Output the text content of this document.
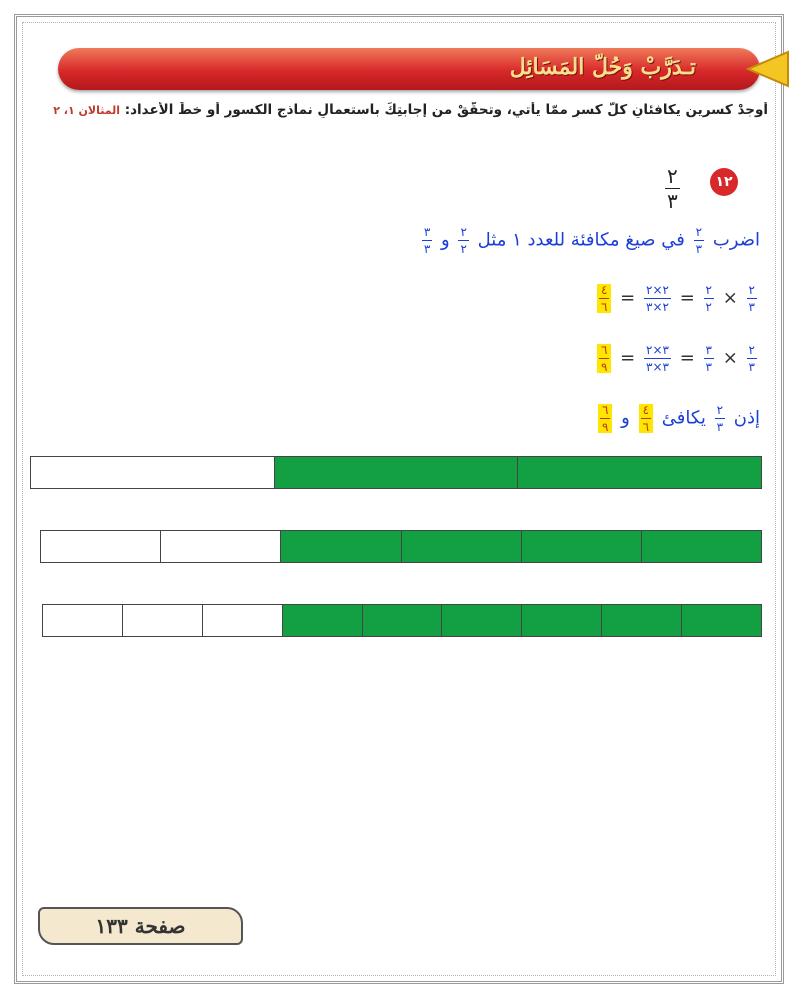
تـدَرَّبْ وَحُلّ المَسَائِل
أوجدْ كسرينِ يكافئانِ كلَّ كسرٍ ممّا يأتي، وتحقّقْ من إجابتِكَ باستعمالِ نماذجِ الكسورِ أو خطِّ الأعداد: المثالان ١، ٢
١٢
٢
٣
اضرب
$\frac{٢}{٣}$
في صيغ مكافئة للعدد ١ مثل
$\frac{٢}{٢}$
و
$\frac{٣}{٣}$
$\frac{٢}{٣}$
×
$\frac{٢}{٢}$
=
$\frac{٢\times ٢}{٢\times ٣}$
=
$\frac{٤}{٦}$
$\frac{٢}{٣}$
×
$\frac{٣}{٣}$
=
$\frac{٣\times ٢}{٣\times ٣}$
=
$\frac{٦}{٩}$
إذن
$\frac{٢}{٣}$
يكافئ
$\frac{٤}{٦}$
و
$\frac{٦}{٩}$
صفحة ١٣٣
